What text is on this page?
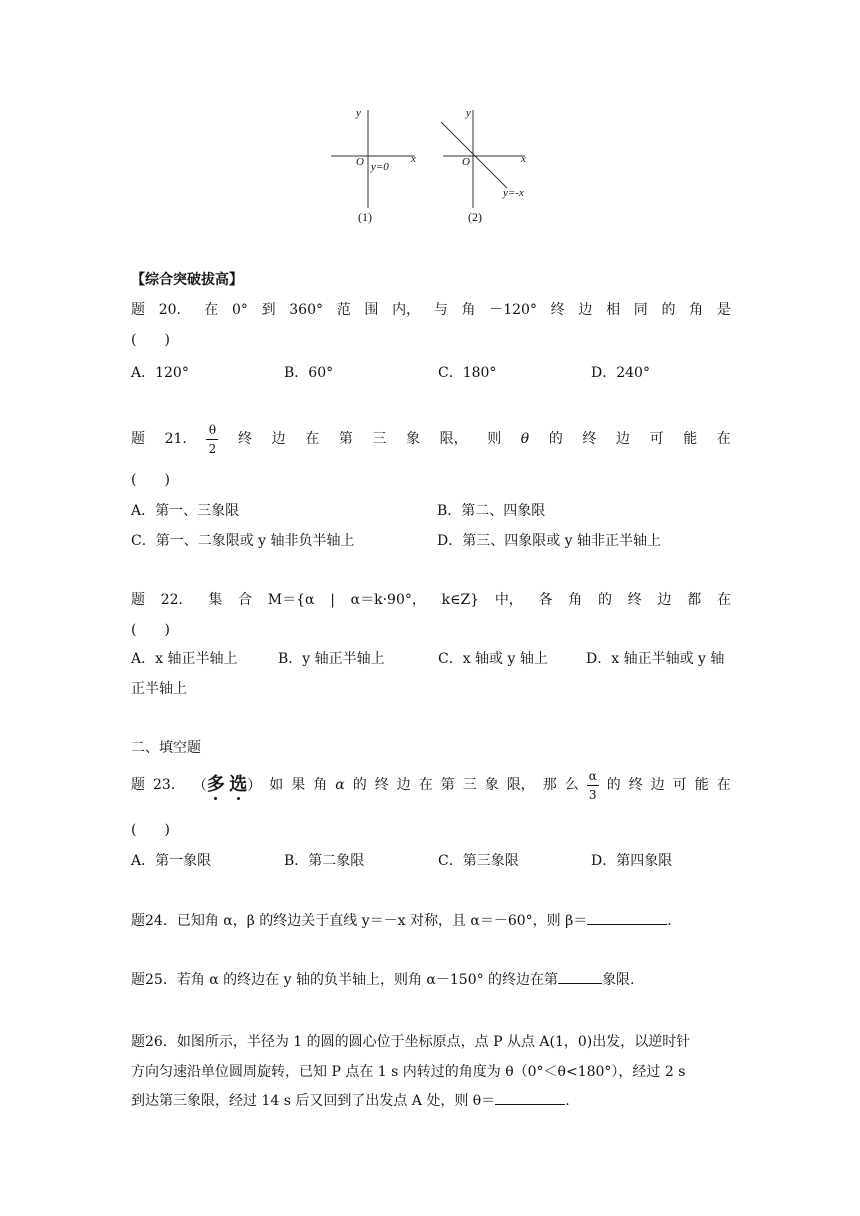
y
x
O y=0
(1)
y
x
O
y=-x
(2)
【综合突破拔高】
题 20． 在 0° 到 360° 范 围 内， 与 角 －120° 终 边 相 同 的 角 是
(　　)
A．120°	B．60°	C．180°	D．240°
题 21. $\frac{\theta}{2}$ 终 边 在 第 三 象 限， 则 θ 的 终 边 可 能 在
(　　)
A．第一、三象限	B．第二、四象限
C．第一、二象限或 y 轴非负半轴上	D．第三、四象限或 y 轴非正半轴上
题 22． 集 合 M＝{α | α＝k·90°， k∈Z} 中， 各 角 的 终 边 都 在
(　　)
A．x 轴正半轴上	B．y 轴正半轴上	C．x 轴或 y 轴上	D．x 轴正半轴或 y 轴
正半轴上
二、填空题
题 23． （多 选） 如 果 角 α 的 终 边 在 第 三 象 限， 那 么 $\frac{\alpha}{3}$ 的 终 边 可 能 在
(　　)
A．第一象限	B．第二象限	C．第三象限	D．第四象限
题24．已知角 α，β 的终边关于直线 y＝－x 对称，且 α＝－60°，则 β＝	.
题25．若角 α 的终边在 y 轴的负半轴上，则角 α－150° 的终边在第	象限.
题26．如图所示，半径为 1 的圆的圆心位于坐标原点，点 P 从点 A(1，0)出发，以逆时针
方向匀速沿单位圆周旋转，已知 P 点在 1 s 内转过的角度为 θ（0°＜θ<180°），经过 2 s
到达第三象限，经过 14 s 后又回到了出发点 A 处，则 θ＝	.
